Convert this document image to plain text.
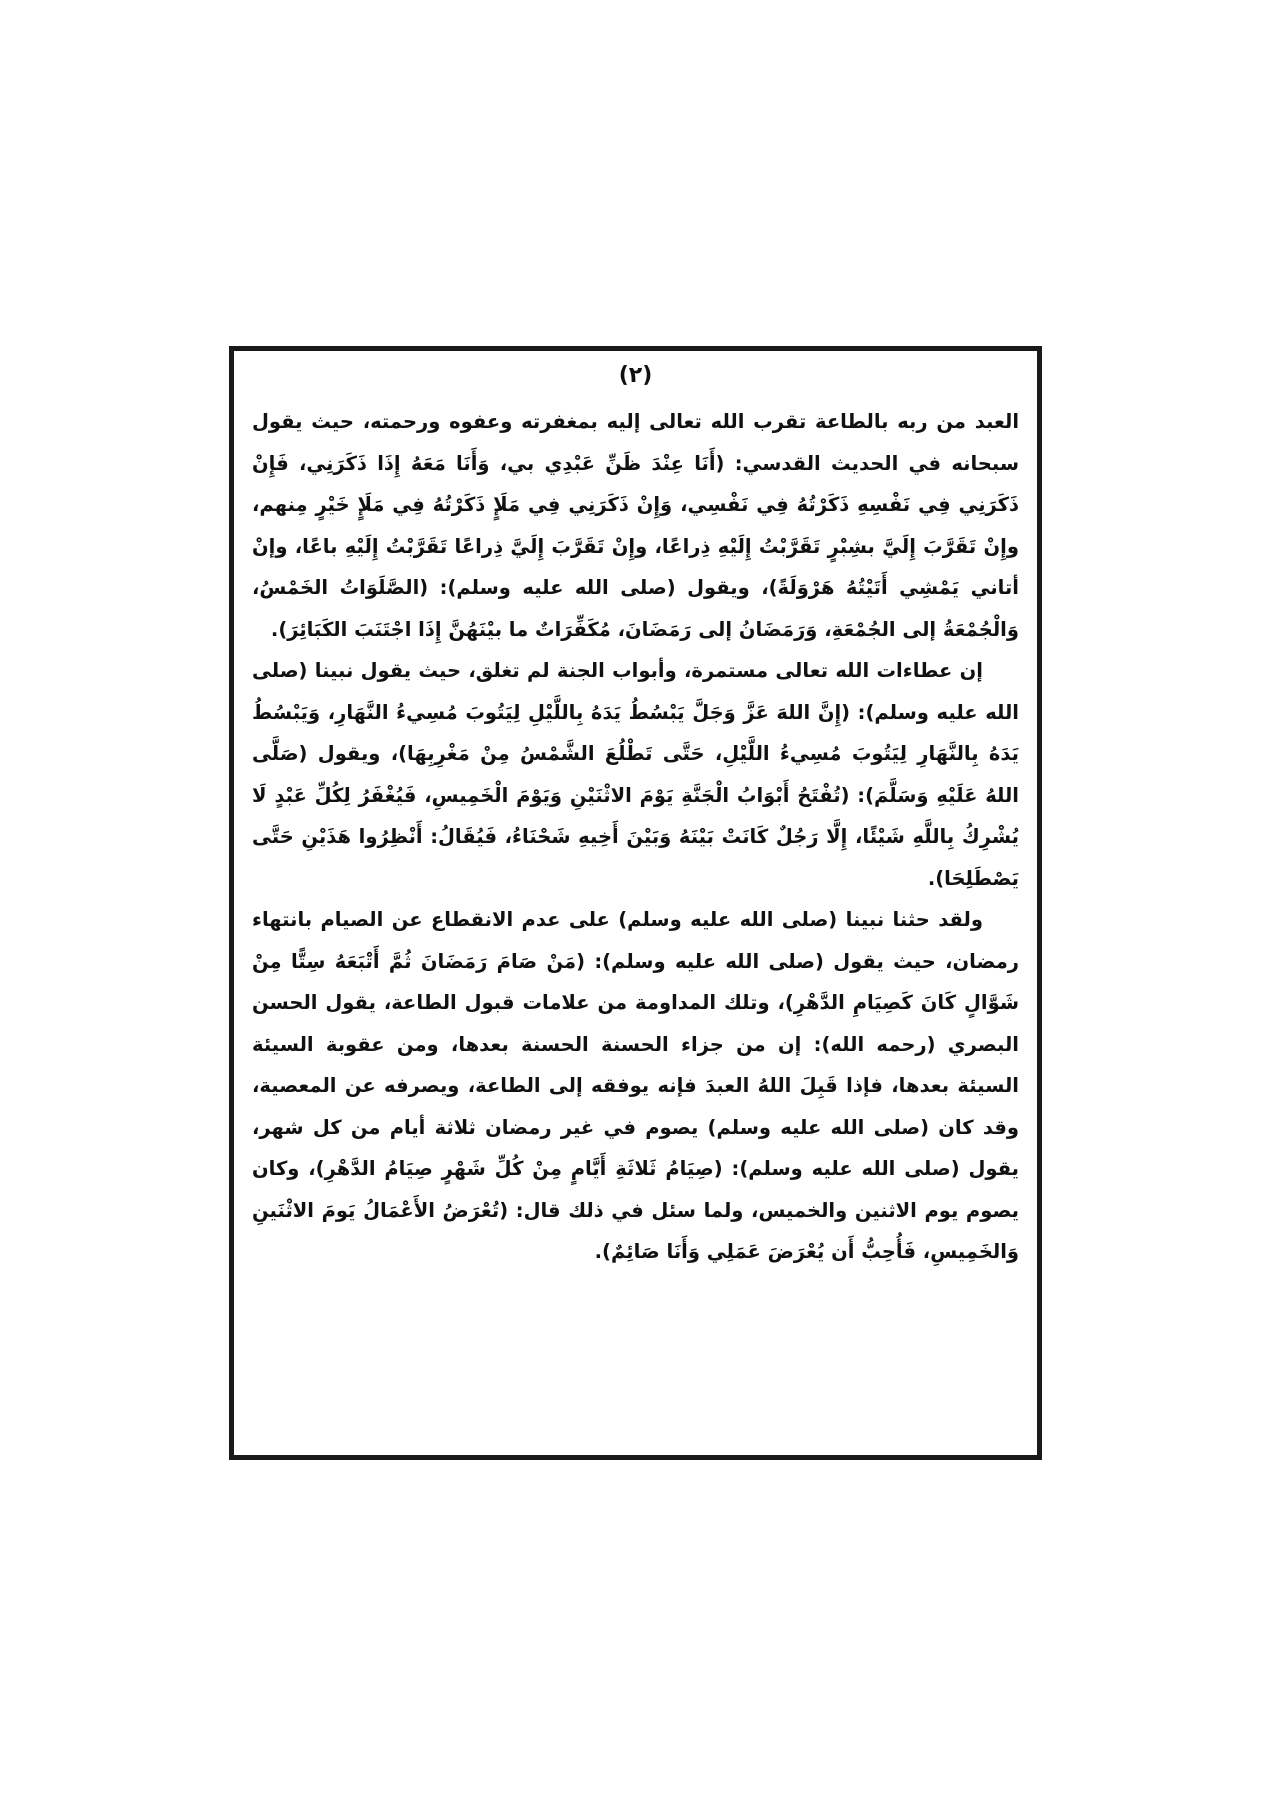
(٢)

العبد من ربه بالطاعة تقرب الله تعالى إليه بمغفرته وعفوه ورحمته، حيث يقول سبحانه في الحديث القدسي: (أَنَا عِنْدَ ظَنِّ عَبْدِي بي، وَأَنَا مَعَهُ إِذَا ذَكَرَنِي، فَإِنْ ذَكَرَنِي فِي نَفْسِهِ ذَكَرْتُهُ فِي نَفْسِي، وَإِنْ ذَكَرَنِي فِي مَلَإٍ ذَكَرْتُهُ فِي مَلَإٍ خَيْرٍ مِنهم، وإِنْ تَقَرَّبَ إِلَيَّ بشِبْرٍ تَقَرَّبْتُ إِلَيْهِ ذِراعًا، وإِنْ تَقَرَّبَ إِلَيَّ ذِراعًا تَقَرَّبْتُ إِلَيْهِ باعًا، وإنْ أتاني يَمْشِي أَتَيْتُهُ هَرْوَلَةً)، ويقول (صلى الله عليه وسلم): (الصَّلَوَاتُ الخَمْسُ، وَالْجُمْعَةُ إلى الجُمْعَةِ، وَرَمَضَانُ إلى رَمَضَانَ، مُكَفِّرَاتٌ ما بيْنَهُنَّ إِذَا اجْتَنَبَ الكَبَائِرَ).

إن عطاءات الله تعالى مستمرة، وأبواب الجنة لم تغلق، حيث يقول نبينا (صلى الله عليه وسلم): (إِنَّ اللهَ عَزَّ وَجَلَّ يَبْسُطُ يَدَهُ بِاللَّيْلِ لِيَتُوبَ مُسِيءُ النَّهَارِ، وَيَبْسُطُ يَدَهُ بِالنَّهَارِ لِيَتُوبَ مُسِيءُ اللَّيْلِ، حَتَّى تَطْلُعَ الشَّمْسُ مِنْ مَغْرِبِهَا)، ويقول (صَلَّى اللهُ عَلَيْهِ وَسَلَّمَ): (تُفْتَحُ أَبْوَابُ الْجَنَّةِ يَوْمَ الاثْنَيْنِ وَيَوْمَ الْخَمِيسِ، فَيُغْفَرُ لِكُلِّ عَبْدٍ لَا يُشْرِكُ بِاللَّهِ شَيْئًا، إِلَّا رَجُلٌ كَانَتْ بَيْنَهُ وَبَيْنَ أَخِيهِ شَحْنَاءُ، فَيُقَالُ: أَنْظِرُوا هَذَيْنِ حَتَّى يَصْطَلِحَا).

ولقد حثنا نبينا (صلى الله عليه وسلم) على عدم الانقطاع عن الصيام بانتهاء رمضان، حيث يقول (صلى الله عليه وسلم): (مَنْ صَامَ رَمَضَانَ ثُمَّ أَتْبَعَهُ سِتًّا مِنْ شَوَّالٍ كَانَ كَصِيَامِ الدَّهْرِ)، وتلك المداومة من علامات قبول الطاعة، يقول الحسن البصري (رحمه الله): إن من جزاء الحسنة الحسنة بعدها، ومن عقوبة السيئة السيئة بعدها، فإذا قَبِلَ اللهُ العبدَ فإنه يوفقه إلى الطاعة، ويصرفه عن المعصية، وقد كان (صلى الله عليه وسلم) يصوم في غير رمضان ثلاثة أيام من كل شهر، يقول (صلى الله عليه وسلم): (صِيَامُ ثَلاثَةِ أَيَّامٍ مِنْ كُلِّ شَهْرٍ صِيَامُ الدَّهْرِ)، وكان يصوم يوم الاثنين والخميس، ولما سئل في ذلك قال: (تُعْرَضُ الأَعْمَالُ يَومَ الاثْنَينِ وَالخَمِيسِ، فَأُحِبُّ أَن يُعْرَضَ عَمَلِي وَأَنَا صَائِمٌ).
